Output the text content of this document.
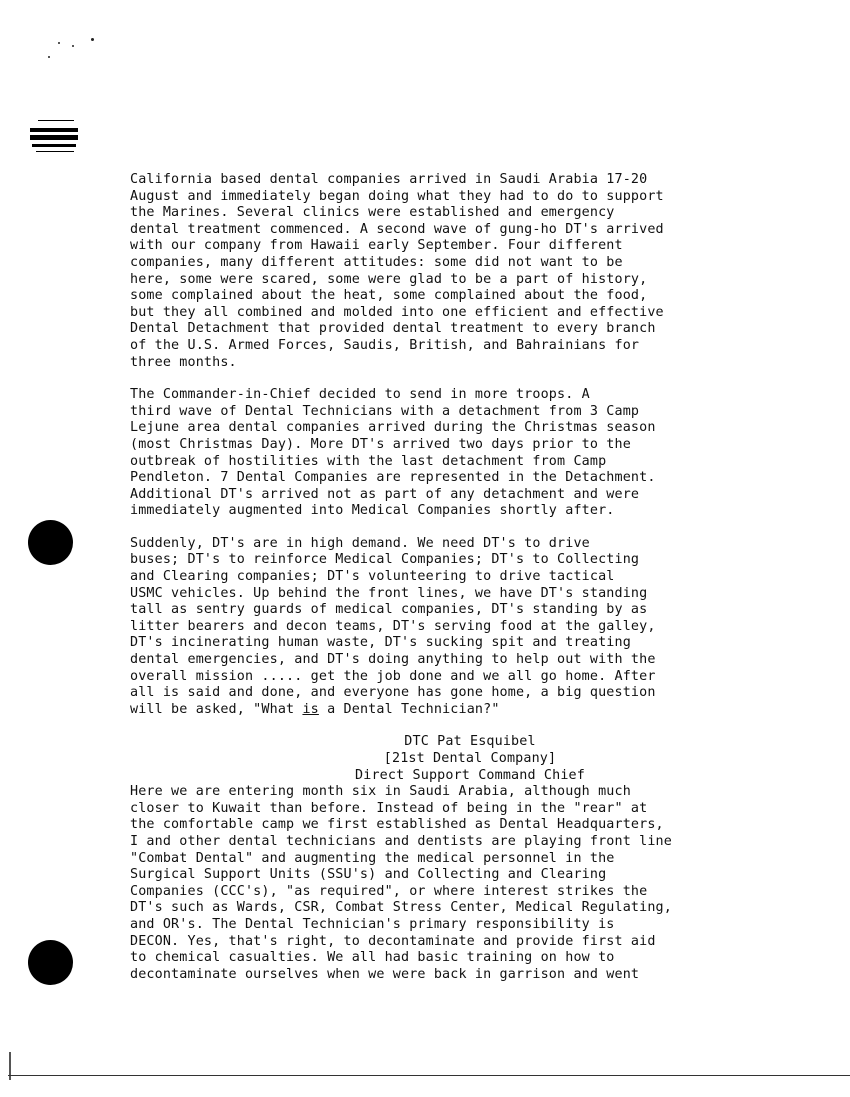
California based dental companies arrived in Saudi Arabia 17-20
August and immediately began doing what they had to do to support
the Marines. Several clinics were established and emergency
dental treatment commenced. A second wave of gung-ho DT's arrived
with our company from Hawaii early September. Four different
companies, many different attitudes: some did not want to be
here, some were scared, some were glad to be a part of history,
some complained about the heat, some complained about the food,
but they all combined and molded into one efficient and effective
Dental Detachment that provided dental treatment to every branch
of the U.S. Armed Forces, Saudis, British, and Bahrainians for
three months.

The Commander-in-Chief decided to send in more troops. A
third wave of Dental Technicians with a detachment from 3 Camp
Lejune area dental companies arrived during the Christmas season
(most Christmas Day). More DT's arrived two days prior to the
outbreak of hostilities with the last detachment from Camp
Pendleton. 7 Dental Companies are represented in the Detachment.
Additional DT's arrived not as part of any detachment and were
immediately augmented into Medical Companies shortly after.

Suddenly, DT's are in high demand. We need DT's to drive
buses; DT's to reinforce Medical Companies; DT's to Collecting
and Clearing companies; DT's volunteering to drive tactical
USMC vehicles. Up behind the front lines, we have DT's standing
tall as sentry guards of medical companies, DT's standing by as
litter bearers and decon teams, DT's serving food at the galley,
DT's incinerating human waste, DT's sucking spit and treating
dental emergencies, and DT's doing anything to help out with the
overall mission ..... get the job done and we all go home. After
all is said and done, and everyone has gone home, a big question
will be asked, "What is a Dental Technician?"

DTC Pat Esquibel
[21st Dental Company]
Direct Support Command Chief

Here we are entering month six in Saudi Arabia, although much
closer to Kuwait than before. Instead of being in the "rear" at
the comfortable camp we first established as Dental Headquarters,
I and other dental technicians and dentists are playing front line
"Combat Dental" and augmenting the medical personnel in the
Surgical Support Units (SSU's) and Collecting and Clearing
Companies (CCC's), "as required", or where interest strikes the
DT's such as Wards, CSR, Combat Stress Center, Medical Regulating,
and OR's. The Dental Technician's primary responsibility is
DECON. Yes, that's right, to decontaminate and provide first aid
to chemical casualties. We all had basic training on how to
decontaminate ourselves when we were back in garrison and went
